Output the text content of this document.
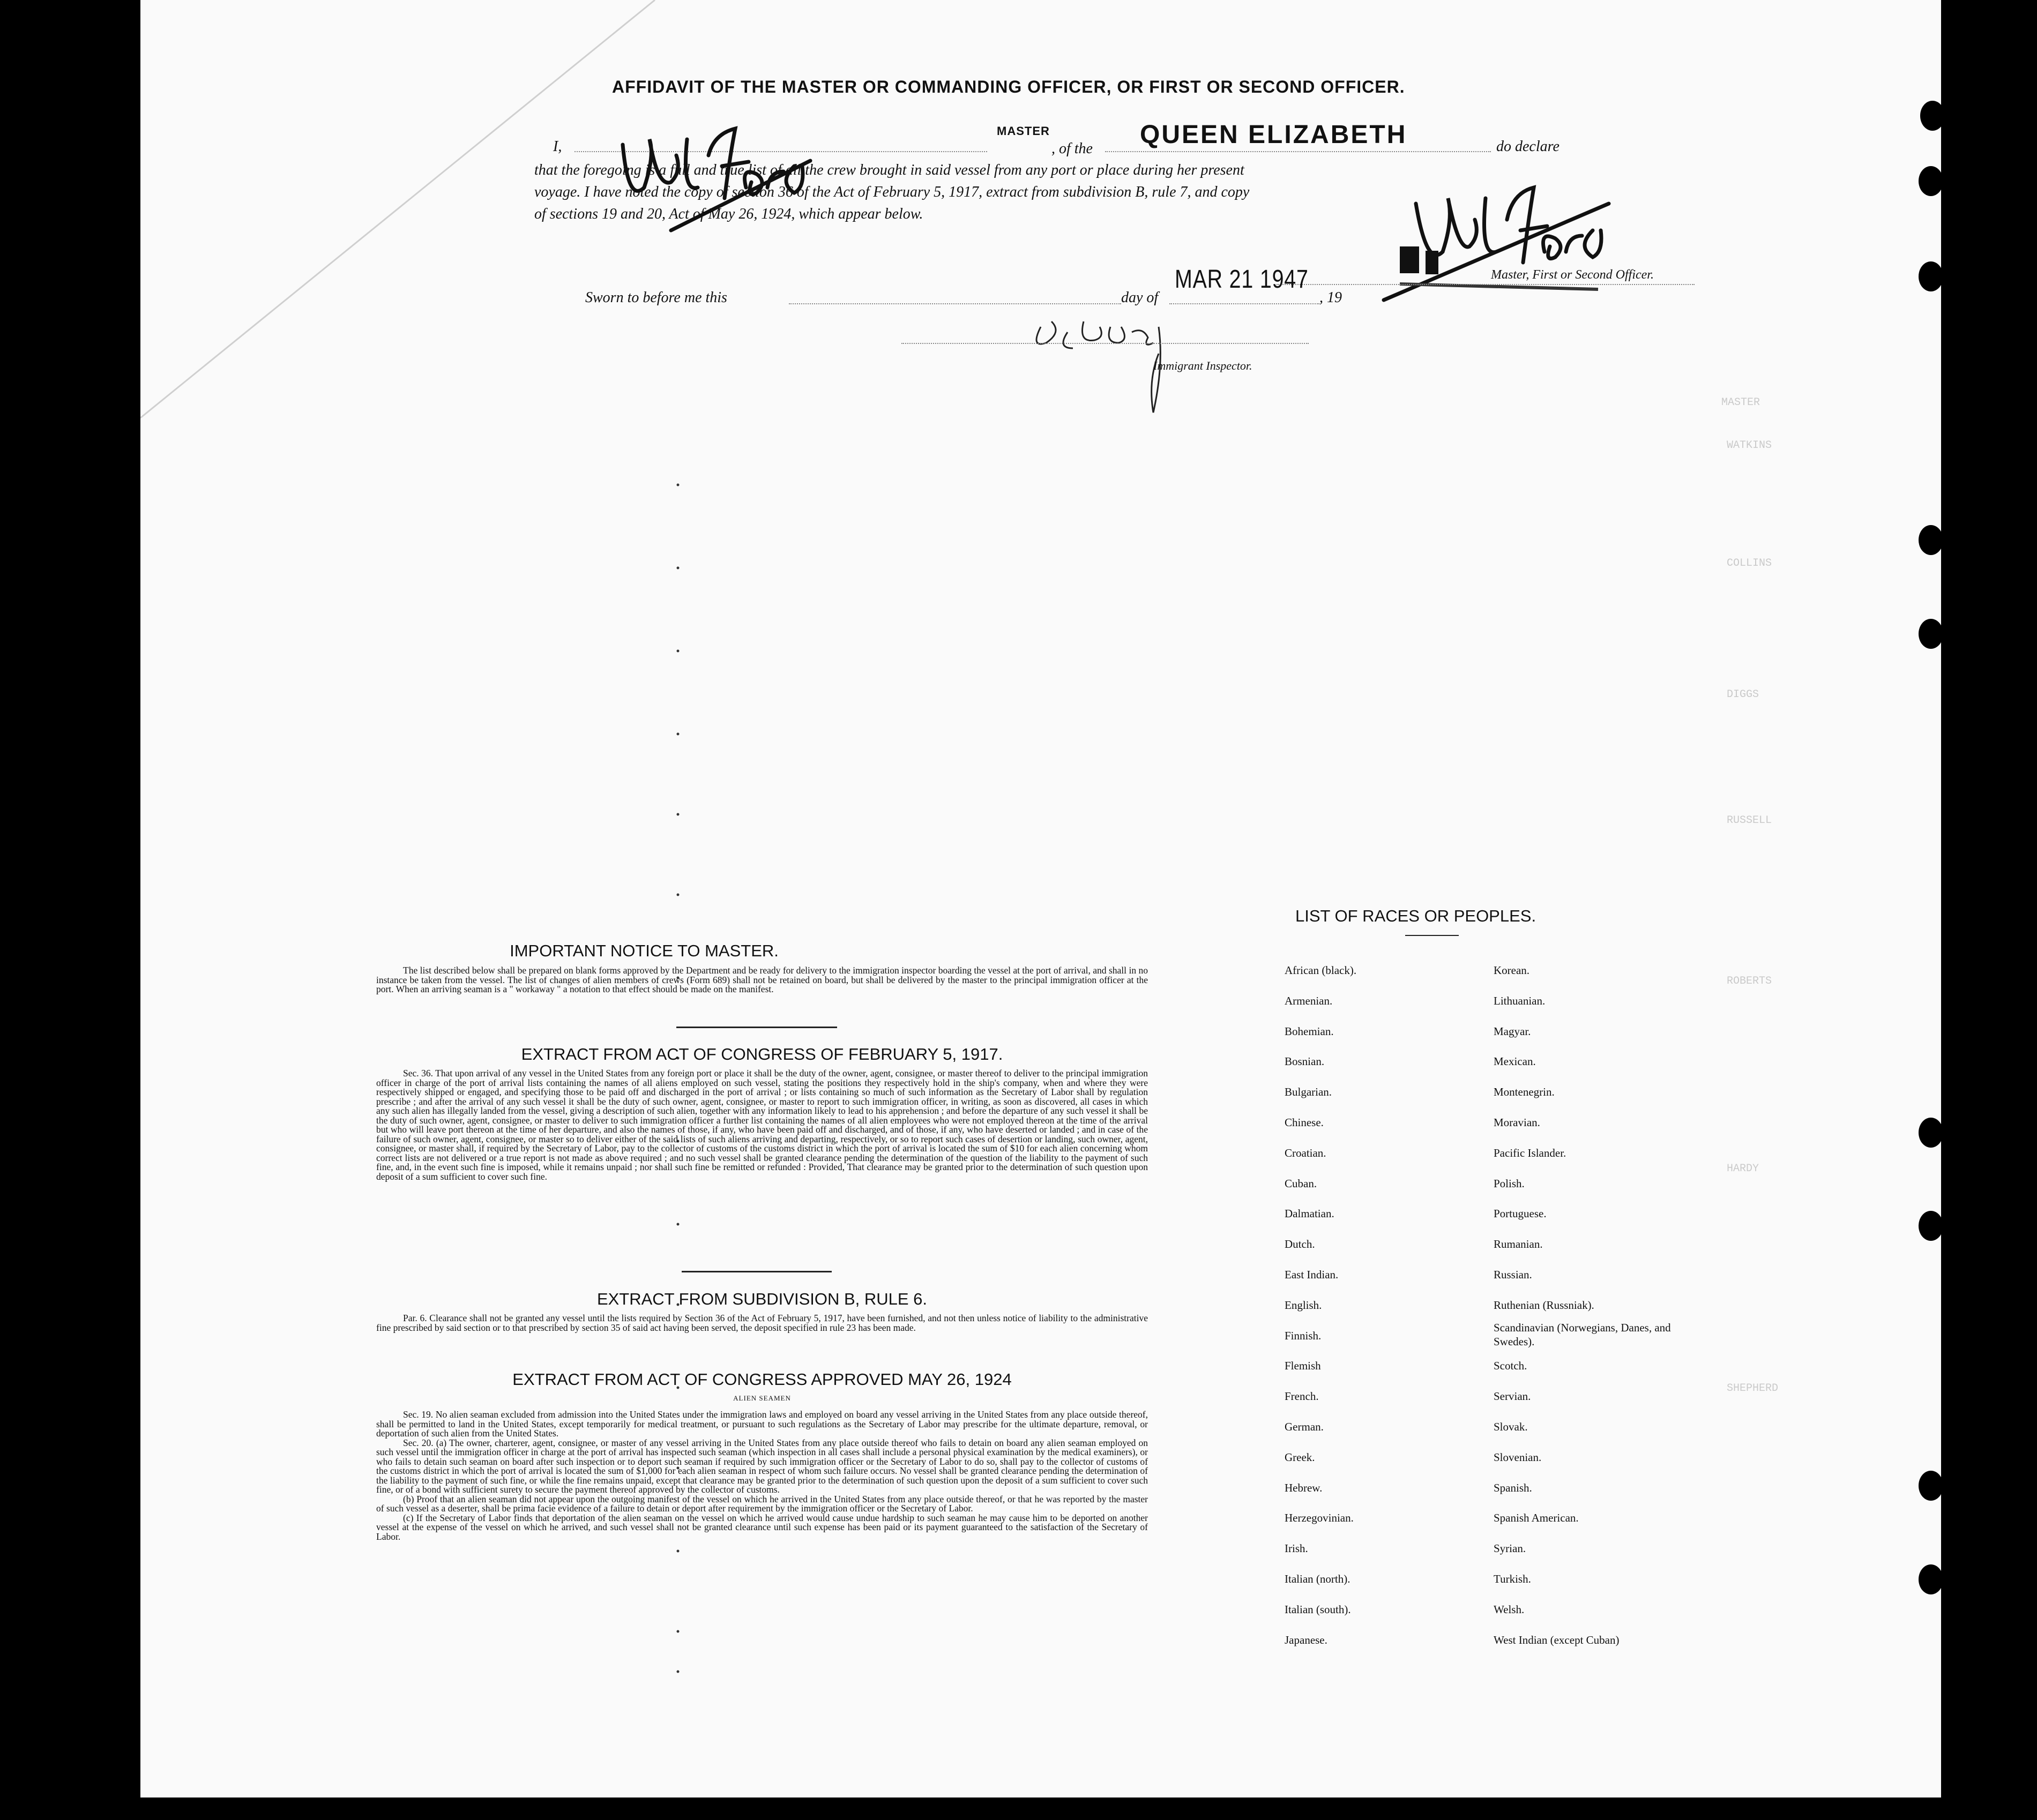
MASTER
WATKINS
COLLINS
DIGGS
RUSSELL
ROBERTS
HARDY
SHEPHERD
AFFIDAVIT OF THE MASTER OR COMMANDING OFFICER, OR FIRST OR SECOND OFFICER.
I,
MASTER
, of the QUEEN ELIZABETH	do declare
that the foregoing is a full and true list of all the crew brought in said vessel from any port or place during her present
voyage. I have noted the copy of section 36 of the Act of February 5, 1917, extract from subdivision B, rule 7, and copy
of sections 19 and 20, Act of May 26, 1924, which appear below.
Master, First or Second Officer.
Sworn to before me this	day of
MAR 21 1947
, 19
Immigrant Inspector.
IMPORTANT NOTICE TO MASTER.

The list described below shall be prepared on blank forms approved by the Department and be ready for delivery to the immigration inspector boarding the vessel at the port of arrival, and shall in no instance be taken from the vessel. The list of changes of alien members of crews (Form 689) shall not be retained on board, but shall be delivered by the master to the principal immigration officer at the port. When an arriving seaman is a " workaway " a notation to that effect should be made on the manifest.

EXTRACT FROM ACT OF CONGRESS OF FEBRUARY 5, 1917.

Sec. 36. That upon arrival of any vessel in the United States from any foreign port or place it shall be the duty of the owner, agent, consignee, or master thereof to deliver to the principal immigration officer in charge of the port of arrival lists containing the names of all aliens employed on such vessel, stating the positions they respectively hold in the ship's company, when and where they were respectively shipped or engaged, and specifying those to be paid off and discharged in the port of arrival ; or lists containing so much of such information as the Secretary of Labor shall by regulation prescribe ; and after the arrival of any such vessel it shall be the duty of such owner, agent, consignee, or master to report to such immigration officer, in writing, as soon as discovered, all cases in which any such alien has illegally landed from the vessel, giving a description of such alien, together with any information likely to lead to his apprehension ; and before the departure of any such vessel it shall be the duty of such owner, agent, consignee, or master to deliver to such immigration officer a further list containing the names of all alien employees who were not employed thereon at the time of the arrival but who will leave port thereon at the time of her departure, and also the names of those, if any, who have been paid off and discharged, and of those, if any, who have deserted or landed ; and in case of the failure of such owner, agent, consignee, or master so to deliver either of the said lists of such aliens arriving and departing, respectively, or so to report such cases of desertion or landing, such owner, agent, consignee, or master shall, if required by the Secretary of Labor, pay to the collector of customs of the customs district in which the port of arrival is located the sum of $10 for each alien concerning whom correct lists are not delivered or a true report is not made as above required ; and no such vessel shall be granted clearance pending the determination of the question of the liability to the payment of such fine, and, in the event such fine is imposed, while it remains unpaid ; nor shall such fine be remitted or refunded : Provided, That clearance may be granted prior to the determination of such question upon deposit of a sum sufficient to cover such fine.

EXTRACT FROM SUBDIVISION B, RULE 6.

Par. 6. Clearance shall not be granted any vessel until the lists required by Section 36 of the Act of February 5, 1917, have been furnished, and not then unless notice of liability to the administrative fine prescribed by said section or to that prescribed by section 35 of said act having been served, the deposit specified in rule 23 has been made.

EXTRACT FROM ACT OF CONGRESS APPROVED MAY 26, 1924
ALIEN SEAMEN

Sec. 19. No alien seaman excluded from admission into the United States under the immigration laws and employed on board any vessel arriving in the United States from any place outside thereof, shall be permitted to land in the United States, except temporarily for medical treatment, or pursuant to such regulations as the Secretary of Labor may prescribe for the ultimate departure, removal, or deportation of such alien from the United States.

Sec. 20. (a) The owner, charterer, agent, consignee, or master of any vessel arriving in the United States from any place outside thereof who fails to detain on board any alien seaman employed on such vessel until the immigration officer in charge at the port of arrival has inspected such seaman (which inspection in all cases shall include a personal physical examination by the medical examiners), or who fails to detain such seaman on board after such inspection or to deport such seaman if required by such immigration officer or the Secretary of Labor to do so, shall pay to the collector of customs of the customs district in which the port of arrival is located the sum of $1,000 for each alien seaman in respect of whom such failure occurs. No vessel shall be granted clearance pending the determination of the liability to the payment of such fine, or while the fine remains unpaid, except that clearance may be granted prior to the determination of such question upon the deposit of a sum sufficient to cover such fine, or of a bond with sufficient surety to secure the payment thereof approved by the collector of customs.

(b) Proof that an alien seaman did not appear upon the outgoing manifest of the vessel on which he arrived in the United States from any place outside thereof, or that he was reported by the master of such vessel as a deserter, shall be prima facie evidence of a failure to detain or deport after requirement by the immigration officer or the Secretary of Labor.

(c) If the Secretary of Labor finds that deportation of the alien seaman on the vessel on which he arrived would cause undue hardship to such seaman he may cause him to be deported on another vessel at the expense of the vessel on which he arrived, and such vessel shall not be granted clearance until such expense has been paid or its payment guaranteed to the satisfaction of the Secretary of Labor.

LIST OF RACES OR PEOPLES.
African (black).
Armenian.
Bohemian.
Bosnian.
Bulgarian.
Chinese.
Croatian.
Cuban.
Dalmatian.
Dutch.
East Indian.
English.
Finnish.
Flemish
French.
German.
Greek.
Hebrew.
Herzegovinian.
Irish.
Italian (north).
Italian (south).
Japanese.
Korean.
Lithuanian.
Magyar.
Mexican.
Montenegrin.
Moravian.
Pacific Islander.
Polish.
Portuguese.
Rumanian.
Russian.
Ruthenian (Russniak).
Scandinavian (Norwegians, Danes, and Swedes).
Scotch.
Servian.
Slovak.
Slovenian.
Spanish.
Spanish American.
Syrian.
Turkish.
Welsh.
West Indian (except Cuban)
